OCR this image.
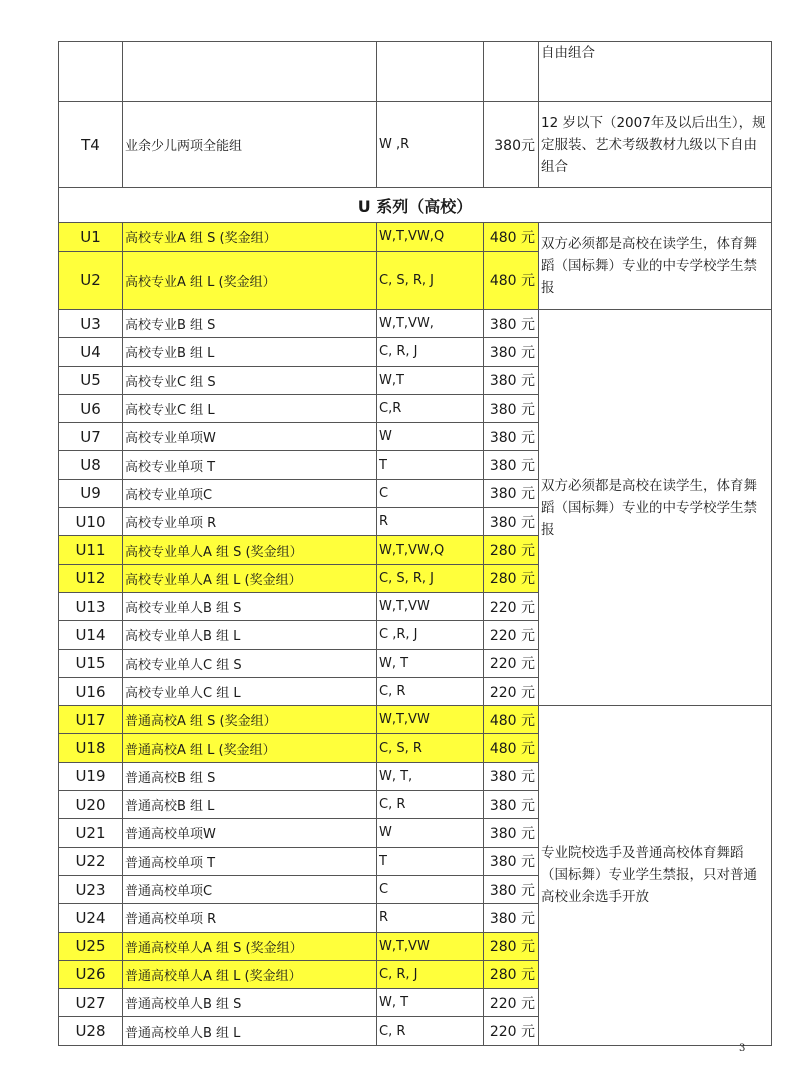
				自由组合
T4	业余少儿两项全能组	W ,R	380元	12 岁以下（2007年及以后出生），规定服装、艺术考级教材九级以下自由组合
U 系列（高校）				
U1	高校专业A 组 S (奖金组）	W,T,VW,Q	480 元	双方必须都是高校在读学生，体育舞蹈（国标舞）专业的中专学校学生禁报
U2	高校专业A 组 L (奖金组）	C, S, R, J	480 元	
U3	高校专业B 组 S	W,T,VW,	380 元	双方必须都是高校在读学生，体育舞蹈（国标舞）专业的中专学校学生禁报
U4	高校专业B 组 L	C, R, J	380 元	
U5	高校专业C 组 S	W,T	380 元	
U6	高校专业C 组 L	C,R	380 元	
U7	高校专业单项W	W	380 元	
U8	高校专业单项 T	T	380 元	
U9	高校专业单项C	C	380 元	
U10	高校专业单项 R	R	380 元	
U11	高校专业单人A 组 S (奖金组）	W,T,VW,Q	280 元	
U12	高校专业单人A 组 L (奖金组）	C, S, R, J	280 元	
U13	高校专业单人B 组 S	W,T,VW	220 元	
U14	高校专业单人B 组 L	C ,R, J	220 元	
U15	高校专业单人C 组 S	W, T	220 元	
U16	高校专业单人C 组 L	C, R	220 元	
U17	普通高校A 组 S (奖金组）	W,T,VW	480 元	专业院校选手及普通高校体育舞蹈（国标舞）专业学生禁报，只对普通高校业余选手开放
U18	普通高校A 组 L (奖金组）	C, S, R	480 元	
U19	普通高校B 组 S	W, T,	380 元	
U20	普通高校B 组 L	C, R	380 元	
U21	普通高校单项W	W	380 元	
U22	普通高校单项 T	T	380 元	
U23	普通高校单项C	C	380 元	
U24	普通高校单项 R	R	380 元	
U25	普通高校单人A 组 S (奖金组）	W,T,VW	280 元	
U26	普通高校单人A 组 L (奖金组）	C, R, J	280 元	
U27	普通高校单人B 组 S	W, T	220 元	
U28	普通高校单人B 组 L	C, R	220 元	
3
